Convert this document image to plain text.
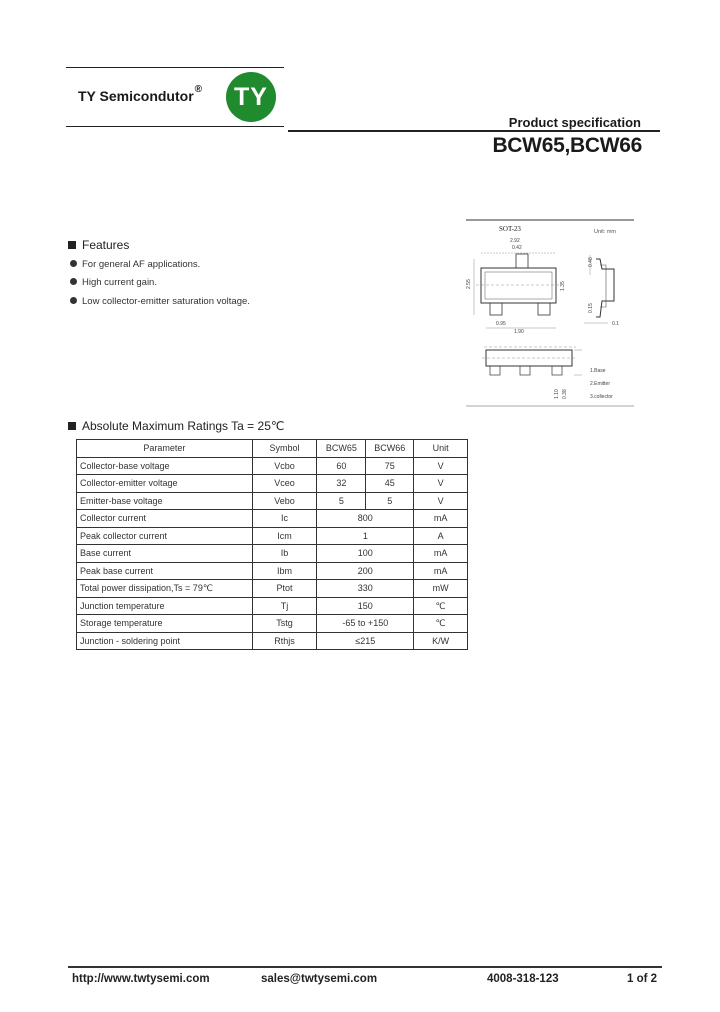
TY Semicondutor®	TY
Product specification
BCW65,BCW66
Features
For general AF applications.
High current gain.
Low collector-emitter saturation voltage.
SOT-23	Unit: mm
2.92
0.42
2.55	1.35
0.95
1.90
0.48
0.15
0.1
1.10 0.38
1.Base
2.Emitter
3.collector
Absolute Maximum Ratings Ta = 25℃
Parameter	Symbol	BCW65	BCW66	Unit
Collector-base voltage	Vcbo	60	75	V
Collector-emitter voltage	Vceo	32	45	V
Emitter-base voltage	Vebo	5	5	V
Collector current	Ic	800		mA
Peak collector current	Icm	1		A
Base current	Ib	100		mA
Peak base current	Ibm	200		mA
Total power dissipation,Ts = 79℃	Ptot	330		mW
Junction temperature	Tj	150		℃
Storage temperature	Tstg	-65 to +150		℃
Junction - soldering point	Rthjs	≤215		K/W
http://www.twtysemi.com	sales@twtysemi.com	4008-318-123	1 of 2
